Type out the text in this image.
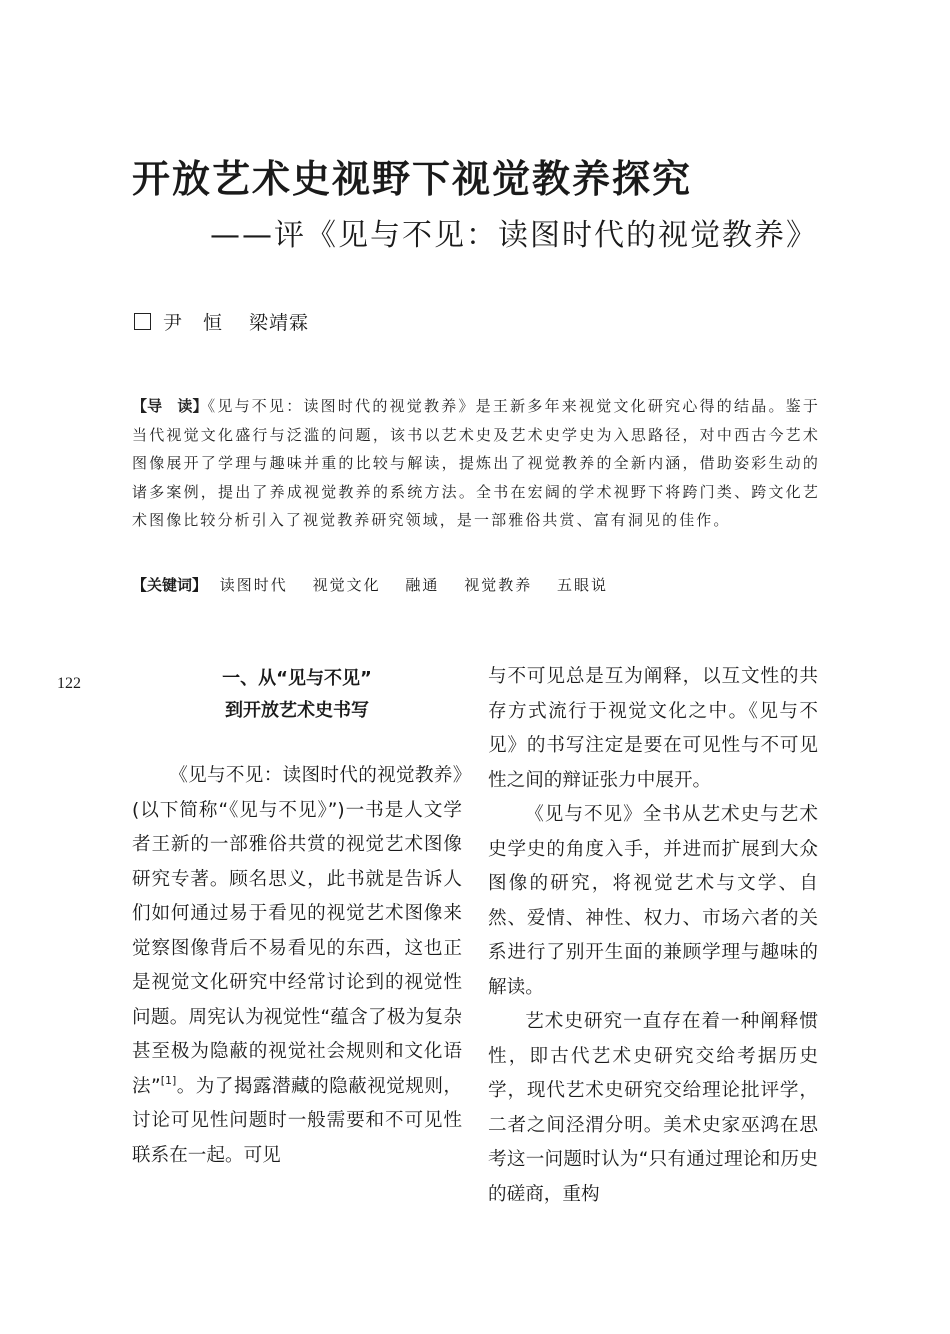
开放艺术史视野下视觉教养探究
——评《见与不见：读图时代的视觉教养》
尹　恒 梁靖霖
【导　读】《见与不见：读图时代的视觉教养》是王新多年来视觉文化研究心得的结晶。鉴于当代视觉文化盛行与泛滥的问题，该书以艺术史及艺术史学史为入思路径，对中西古今艺术图像展开了学理与趣味并重的比较与解读，提炼出了视觉教养的全新内涵，借助姿彩生动的诸多案例，提出了养成视觉教养的系统方法。全书在宏阔的学术视野下将跨门类、跨文化艺术图像比较分析引入了视觉教养研究领域，是一部雅俗共赏、富有洞见的佳作。
【关键词】 读图时代 视觉文化 融通 视觉教养 五眼说
122	一、从“见与不见”
到开放艺术史书写

《见与不见：读图时代的视觉教养》(以下简称“《见与不见》”)一书是人文学者王新的一部雅俗共赏的视觉艺术图像研究专著。顾名思义，此书就是告诉人们如何通过易于看见的视觉艺术图像来觉察图像背后不易看见的东西，这也正是视觉文化研究中经常讨论到的视觉性问题。周宪认为视觉性“蕴含了极为复杂甚至极为隐蔽的视觉社会规则和文化语法”[1]。为了揭露潜藏的隐蔽视觉规则，讨论可见性问题时一般需要和不可见性联系在一起。可见

与不可见总是互为阐释，以互文性的共存方式流行于视觉文化之中。《见与不见》的书写注定是要在可见性与不可见性之间的辩证张力中展开。

《见与不见》全书从艺术史与艺术史学史的角度入手，并进而扩展到大众图像的研究，将视觉艺术与文学、自然、爱情、神性、权力、市场六者的关系进行了别开生面的兼顾学理与趣味的解读。

艺术史研究一直存在着一种阐释惯性，即古代艺术史研究交给考据历史学，现代艺术史研究交给理论批评学，二者之间泾渭分明。美术史家巫鸿在思考这一问题时认为“只有通过理论和历史的磋商，重构
